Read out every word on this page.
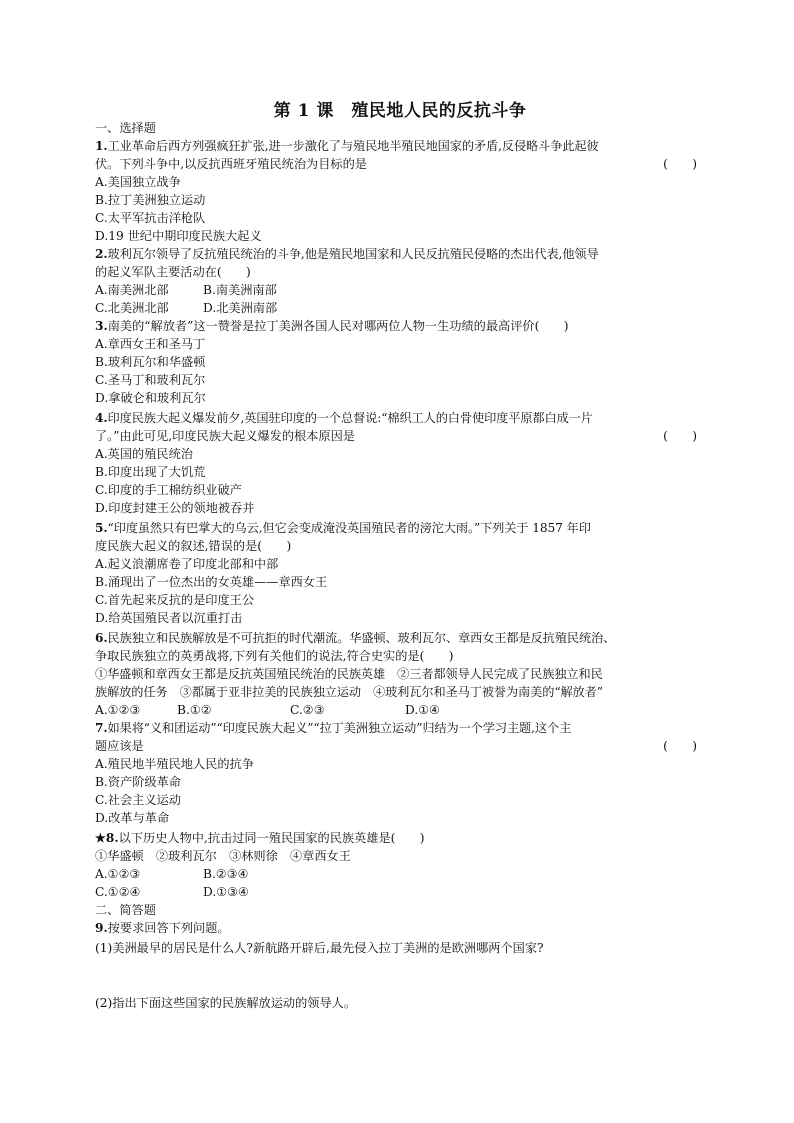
第 1 课　殖民地人民的反抗斗争
一、选择题
1.工业革命后西方列强疯狂扩张,进一步激化了与殖民地半殖民地国家的矛盾,反侵略斗争此起彼
伏。下列斗争中,以反抗西班牙殖民统治为目标的是	(　　)
A.美国独立战争
B.拉丁美洲独立运动
C.太平军抗击洋枪队
D.19 世纪中期印度民族大起义
2.玻利瓦尔领导了反抗殖民统治的斗争,他是殖民地国家和人民反抗殖民侵略的杰出代表,他领导
的起义军队主要活动在(　　)
A.南美洲北部	B.南美洲南部
C.北美洲北部	D.北美洲南部
3.南美的“解放者”这一赞誉是拉丁美洲各国人民对哪两位人物一生功绩的最高评价(　　)
A.章西女王和圣马丁
B.玻利瓦尔和华盛顿
C.圣马丁和玻利瓦尔
D.拿破仑和玻利瓦尔
4.印度民族大起义爆发前夕,英国驻印度的一个总督说:“棉织工人的白骨使印度平原都白成一片
了。”由此可见,印度民族大起义爆发的根本原因是	(　　)
A.英国的殖民统治
B.印度出现了大饥荒
C.印度的手工棉纺织业破产
D.印度封建王公的领地被吞并
5.“印度虽然只有巴掌大的乌云,但它会变成淹没英国殖民者的滂沱大雨。”下列关于 1857 年印
度民族大起义的叙述,错误的是(　　)
A.起义浪潮席卷了印度北部和中部
B.涌现出了一位杰出的女英雄——章西女王
C.首先起来反抗的是印度王公
D.给英国殖民者以沉重打击
6.民族独立和民族解放是不可抗拒的时代潮流。华盛顿、玻利瓦尔、章西女王都是反抗殖民统治、
争取民族独立的英勇战将,下列有关他们的说法,符合史实的是(　　)
①华盛顿和章西女王都是反抗英国殖民统治的民族英雄　②三者都领导人民完成了民族独立和民
族解放的任务　③都属于亚非拉美的民族独立运动　④玻利瓦尔和圣马丁被誉为南美的“解放者”
A.①②③	B.①②	C.②③	D.①④
7.如果将“义和团运动”“印度民族大起义”“拉丁美洲独立运动”归结为一个学习主题,这个主
题应该是	(　　)
A.殖民地半殖民地人民的抗争
B.资产阶级革命
C.社会主义运动
D.改革与革命
★8.以下历史人物中,抗击过同一殖民国家的民族英雄是(　　)
①华盛顿　②玻利瓦尔　③林则徐　④章西女王
A.①②③	B.②③④
C.①②④	D.①③④
二、简答题
9.按要求回答下列问题。
(1)美洲最早的居民是什么人?新航路开辟后,最先侵入拉丁美洲的是欧洲哪两个国家?
(2)指出下面这些国家的民族解放运动的领导人。
